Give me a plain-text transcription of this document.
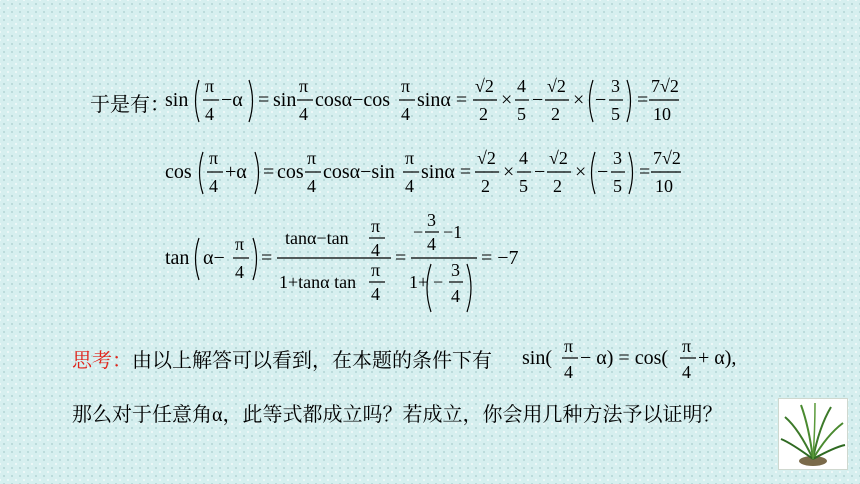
于是有：
sin
π
4
−α = sin
π
4
cosα−cos
π
4
sinα =
√2
2
×
4
5
−
√2
2
× −
3
5
=
7√2
10
cos
π
4
+α = cos
π
4
cosα−sin
π
4
sinα =
√2
2
×
4
5
−
√2
2
× −
3
5
=
7√2
10
tan α−
π
4
=
tanα−tan
π
4
1+tanα tan
π
4
=
−
3
4
−1
1+ −
3
4
= −7
思考：由以上解答可以看到，在本题的条件下有 sin(
π
4
− α) = cos(
π
4
+ α),
那么对于任意角α，此等式都成立吗？若成立，你会用几种方法予以证明？
